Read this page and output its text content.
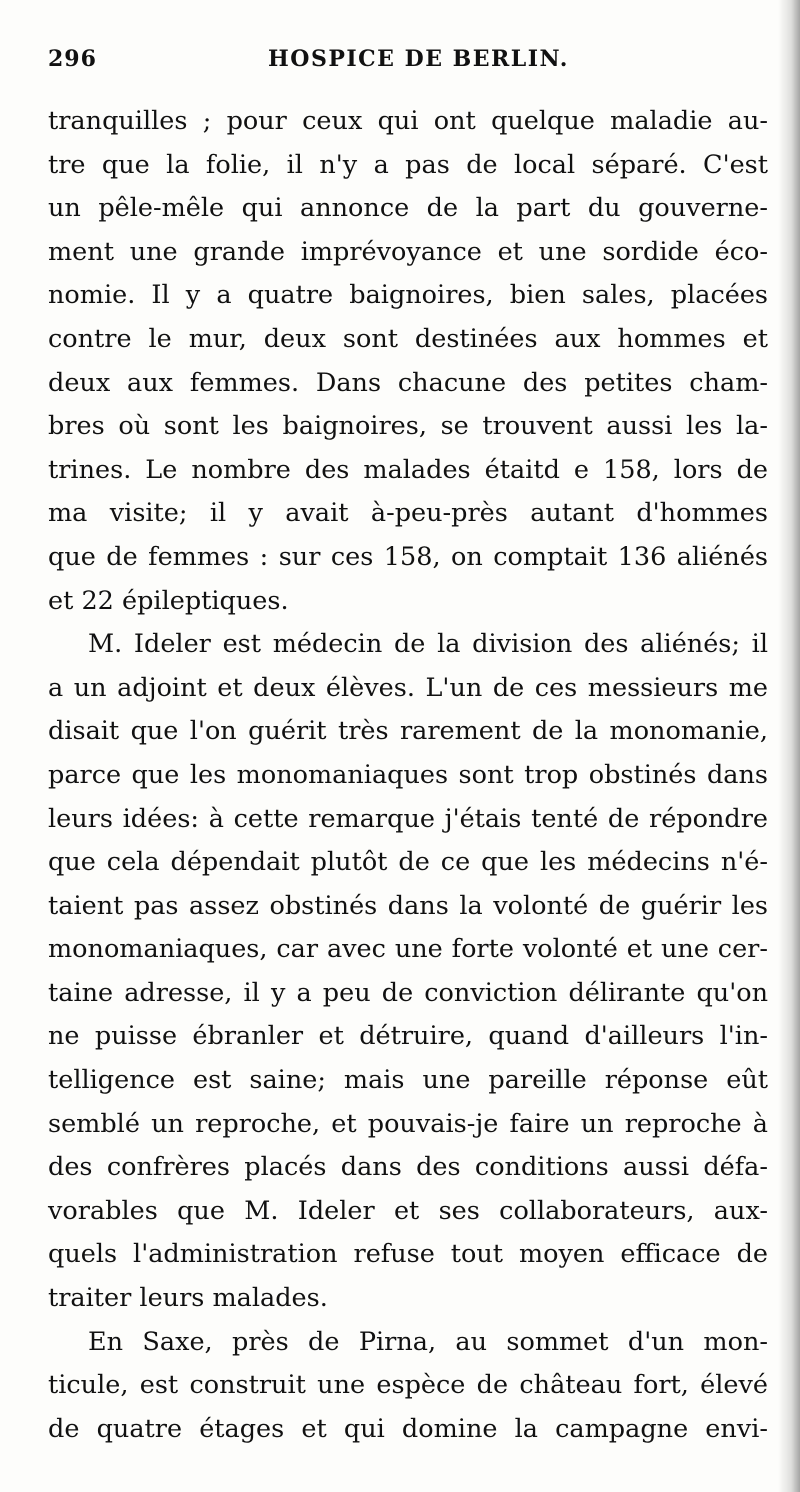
296	HOSPICE DE BERLIN.
tranquilles ; pour ceux qui ont quelque maladie au-
tre que la folie, il n'y a pas de local séparé. C'est
un pêle-mêle qui annonce de la part du gouverne-
ment une grande imprévoyance et une sordide éco-
nomie. Il y a quatre baignoires, bien sales, placées
contre le mur, deux sont destinées aux hommes et
deux aux femmes. Dans chacune des petites cham-
bres où sont les baignoires, se trouvent aussi les la-
trines. Le nombre des malades étaitd e 158, lors de
ma visite; il y avait à-peu-près autant d'hommes
que de femmes : sur ces 158, on comptait 136 aliénés
et 22 épileptiques.
M. Ideler est médecin de la division des aliénés; il
a un adjoint et deux élèves. L'un de ces messieurs me
disait que l'on guérit très rarement de la monomanie,
parce que les monomaniaques sont trop obstinés dans
leurs idées: à cette remarque j'étais tenté de répondre
que cela dépendait plutôt de ce que les médecins n'é-
taient pas assez obstinés dans la volonté de guérir les
monomaniaques, car avec une forte volonté et une cer-
taine adresse, il y a peu de conviction délirante qu'on
ne puisse ébranler et détruire, quand d'ailleurs l'in-
telligence est saine; mais une pareille réponse eût
semblé un reproche, et pouvais-je faire un reproche à
des confrères placés dans des conditions aussi défa-
vorables que M. Ideler et ses collaborateurs, aux-
quels l'administration refuse tout moyen efficace de
traiter leurs malades.
En Saxe, près de Pirna, au sommet d'un mon-
ticule, est construit une espèce de château fort, élevé
de quatre étages et qui domine la campagne envi-
